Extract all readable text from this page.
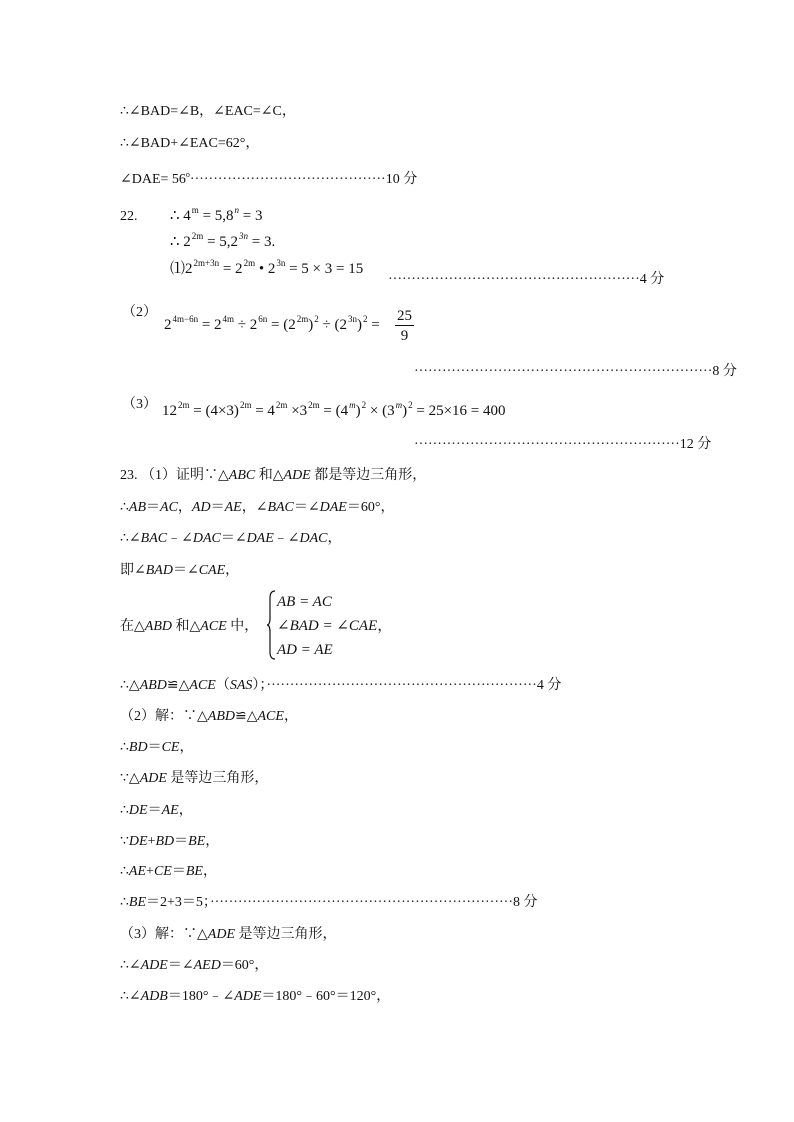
∴∠BAD=∠B，∠EAC=∠C，
∴∠BAD+∠EAC=62°，
∠DAE= $56^o\cdot\cdot\cdot\cdot\cdot\cdot\cdot\cdot\cdot\cdot\cdot\cdot\cdot\cdot\cdot\cdot\cdot\cdot\cdot\cdot\cdot\cdot\cdot\cdot\cdot\cdot\cdot\cdot\cdot\cdot\cdot\cdot\cdot\cdot\cdot\cdot\cdot\cdot\cdot\cdot\cdot\cdot 10$ 分
22. ∴ $4^m = 5,8^n = 3$
∴ $2^{2m} = 5,2^{3n} = 3$.
$⑴2^{2m+3n} = 2^{2m}$ • $2^{3n} = 5 \times 3 = 15$
······················································4 分
（2）
$2^{4m-6n} = 2^{4m} \div 2^{6n} = (2^{2m})^2 \div (2^{3n})^2 = \frac{25}{9}$
································································8 分
（3） $12^{2m} = (4\times 3)^{2m} = 4^{2m} \times 3^{2m} = (4^m)^2 \times (3^m)^2 = 25\times 16 = 400$
·························································12 分
23. （1）证明∵△ABC 和△ADE 都是等边三角形，
∴AB＝AC，AD＝AE，∠BAC＝∠DAE＝60°，
∴∠BAC﹣∠DAC＝∠DAE﹣∠DAC，
即∠BAD＝∠CAE，
在△ABD 和△ACE 中，
AB = AC
∠BAD = ∠CAE，
AD = AE
∴△ABD≌△ACE（SAS）；··························································4 分
（2）解：∵△ABD≌△ACE，
∴BD＝CE，
∵△ADE 是等边三角形，
∴DE＝AE，
∵DE+BD＝BE，
∴AE+CE＝BE，
∴BE＝2+3＝5；·································································8 分
（3）解：∵△ADE 是等边三角形，
∴∠ADE＝∠AED＝60°，
∴∠ADB＝180°﹣∠ADE＝180°﹣60°＝120°，
